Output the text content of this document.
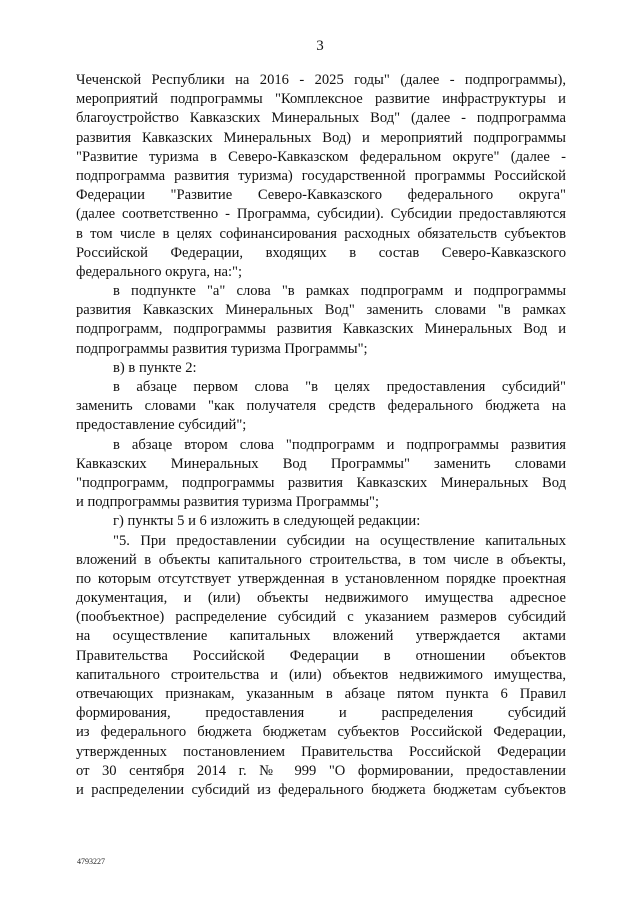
3
Чеченской Республики на 2016 - 2025 годы" (далее - подпрограммы),
мероприятий подпрограммы "Комплексное развитие инфраструктуры и
благоустройство Кавказских Минеральных Вод" (далее - подпрограмма
развития Кавказских Минеральных Вод) и мероприятий подпрограммы
"Развитие туризма в Северо-Кавказском федеральном округе" (далее -
подпрограмма развития туризма) государственной программы Российской
Федерации "Развитие Северо-Кавказского федерального округа"
(далее соответственно - Программа, субсидии). Субсидии предоставляются
в том числе в целях софинансирования расходных обязательств субъектов
Российской Федерации, входящих в состав Северо-Кавказского
федерального округа, на:";
в подпункте "а" слова "в рамках подпрограмм и подпрограммы
развития Кавказских Минеральных Вод" заменить словами "в рамках
подпрограмм, подпрограммы развития Кавказских Минеральных Вод и
подпрограммы развития туризма Программы";
в) в пункте 2:
в абзаце первом слова "в целях предоставления субсидий"
заменить словами "как получателя средств федерального бюджета на
предоставление субсидий";
в абзаце втором слова "подпрограмм и подпрограммы развития
Кавказских Минеральных Вод Программы" заменить словами
"подпрограмм, подпрограммы развития Кавказских Минеральных Вод
и подпрограммы развития туризма Программы";
г) пункты 5 и 6 изложить в следующей редакции:
"5. При предоставлении субсидии на осуществление капитальных
вложений в объекты капитального строительства, в том числе в объекты,
по которым отсутствует утвержденная в установленном порядке проектная
документация, и (или) объекты недвижимого имущества адресное
(пообъектное) распределение субсидий с указанием размеров субсидий
на осуществление капитальных вложений утверждается актами
Правительства Российской Федерации в отношении объектов
капитального строительства и (или) объектов недвижимого имущества,
отвечающих признакам, указанным в абзаце пятом пункта 6 Правил
формирования, предоставления и распределения субсидий
из федерального бюджета бюджетам субъектов Российской Федерации,
утвержденных постановлением Правительства Российской Федерации
от 30 сентября 2014 г. № 999 "О формировании, предоставлении
и распределении субсидий из федерального бюджета бюджетам субъектов
4793227
